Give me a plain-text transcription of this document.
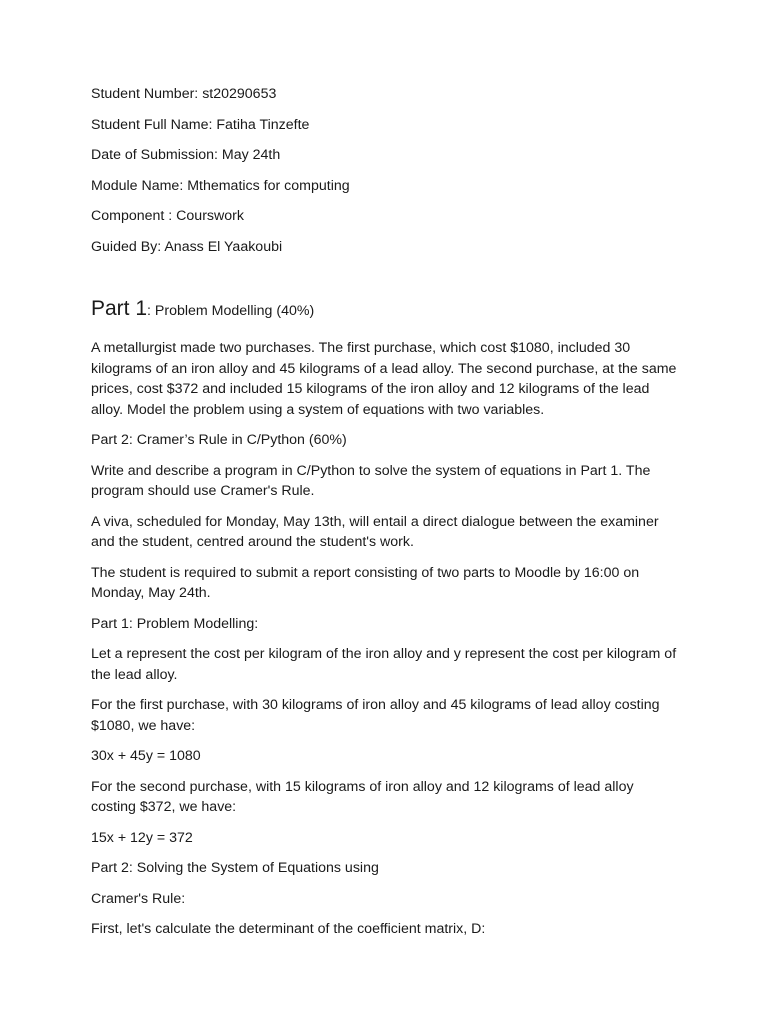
Student Number: st20290653

Student Full Name: Fatiha Tinzefte

Date of Submission: May 24th

Module Name: Mthematics for computing

Component : Courswork

Guided By: Anass El Yaakoubi

Part 1: Problem Modelling (40%)

A metallurgist made two purchases. The first purchase, which cost $1080, included 30 kilograms of an iron alloy and 45 kilograms of a lead alloy. The second purchase, at the same prices, cost $372 and included 15 kilograms of the iron alloy and 12 kilograms of the lead alloy. Model the problem using a system of equations with two variables.

Part 2: Cramer’s Rule in C/Python (60%)

Write and describe a program in C/Python to solve the system of equations in Part 1. The program should use Cramer's Rule.

A viva, scheduled for Monday, May 13th, will entail a direct dialogue between the examiner and the student, centred around the student's work.

The student is required to submit a report consisting of two parts to Moodle by 16:00 on Monday, May 24th.

Part 1: Problem Modelling:

Let a represent the cost per kilogram of the iron alloy and y represent the cost per kilogram of the lead alloy.

For the first purchase, with 30 kilograms of iron alloy and 45 kilograms of lead alloy costing $1080, we have:

30x + 45y = 1080

For the second purchase, with 15 kilograms of iron alloy and 12 kilograms of lead alloy costing $372, we have:

15x + 12y = 372

Part 2: Solving the System of Equations using

Cramer's Rule:

First, let's calculate the determinant of the coefficient matrix, D:
